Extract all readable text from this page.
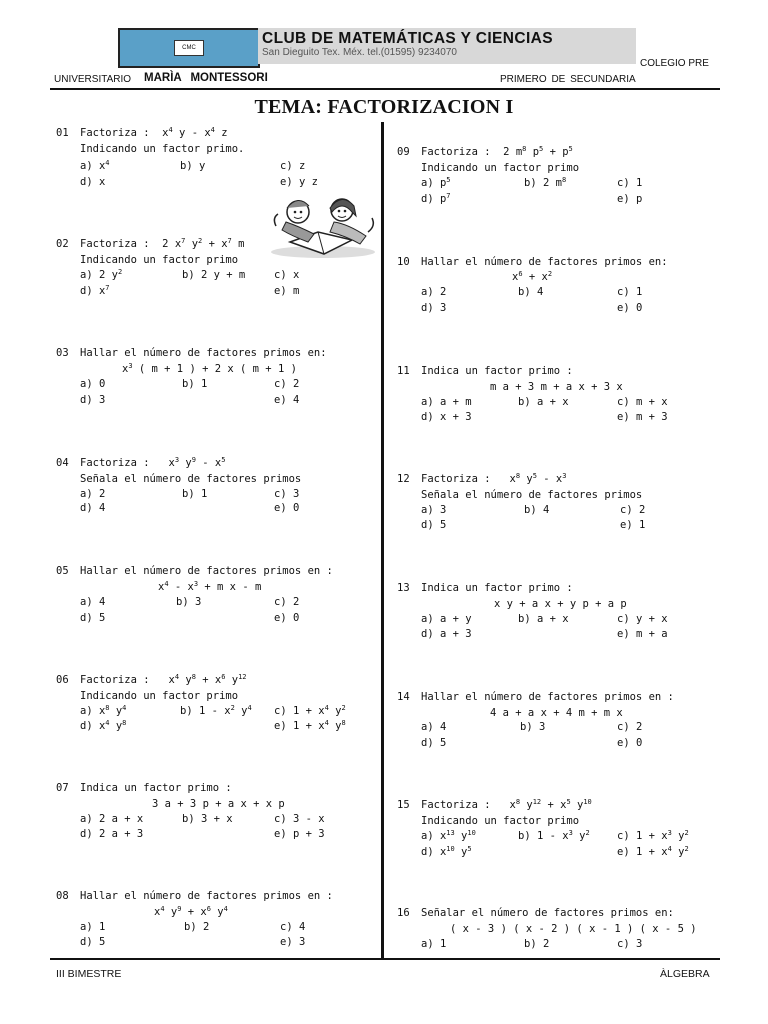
CMC
CLUB DE MATEMÁTICAS Y CIENCIAS
San Dieguito Tex. Méx. tel.(01595) 9234070
COLEGIO PRE
UNIVERSITARIO MARÌA MONTESSORI	PRIMERO DE SECUNDARIA
TEMA: FACTORIZACION I
01 Factoriza :  $x^4$ y - $x^4$ z
Indicando un factor primo.
a) $x^4$	b) y	c) z
d) x	e) y z
02 Factoriza :  2 $x^7$ $y^2 + x^7$ m
Indicando un factor primo
a) 2 $y^2$	b) 2 y + m	c) x
d) $x^7$	e) m
03 Hallar el número de factores primos en:
$x^3$ ( m + 1 ) + 2 x ( m + 1 )
a) 0	b) 1	c) 2
d) 3	e) 4
04 Factoriza :   $x^3$ $y^9 - x^5$
Señala el número de factores primos
a) 2	b) 1	c) 3
d) 4	e) 0
05 Hallar el número de factores primos en :
$x^4 - x^3 + m$ x - m
a) 4	b) 3	c) 2
d) 5	e) 0
06 Factoriza :   $x^4$ $y^8 + x^6$ $y^{12}$
Indicando un factor primo
a) $x^8$ $y^4$	b) $1 - x^2$ $y^4$ c) $1 + x^4$ $y^2$
d) $x^4$ $y^8$	e) $1 + x^4$ $y^8$
07 Indica un factor primo :
3 a + 3 p + a x + x p
a) 2 a + x	b) 3 + x	c) 3 - x
d) 2 a + 3	e) p + 3
08 Hallar el número de factores primos en :
$x^4$ $y^9 + x^6$ $y^4$
a) 1	b) 2	c) 4
d) 5	e) 3
09 Factoriza :  2 $m^8$ $p^5 + p^5$
Indicando un factor primo
a) $p^5$	b) 2 $m^8$	c) 1
d) $p^7$	e) p
10 Hallar el número de factores primos en:
$x^6 + x^2$
a) 2	b) 4	c) 1
d) 3	e) 0
11 Indica un factor primo :
m a + 3 m + a x + 3 x
a) a + m	b) a + x	c) m + x
d) x + 3	e) m + 3
12 Factoriza :   $x^8$ $y^5 - x^3$
Señala el número de factores primos
a) 3	b) 4	c) 2
d) 5	e) 1
13 Indica un factor primo :
x y + a x + y p + a p
a) a + y	b) a + x	c) y + x
d) a + 3	e) m + a
14 Hallar el número de factores primos en :
4 a + a x + 4 m + m x
a) 4	b) 3	c) 2
d) 5	e) 0
15 Factoriza :   $x^8$ $y^{12} + x^5$ $y^{10}$
Indicando un factor primo
a) $x^{13}$ $y^{10}$	b) $1 - x^3$ $y^2$	c) $1 + x^3$ $y^2$
d) $x^{10}$ $y^5$	e) $1 + x^4$ $y^2$
16 Señalar el número de factores primos en:
( x - 3 ) ( x - 2 ) ( x - 1 ) ( x - 5 )
a) 1	b) 2	c) 3
III BIMESTRE	ÀLGEBRA
